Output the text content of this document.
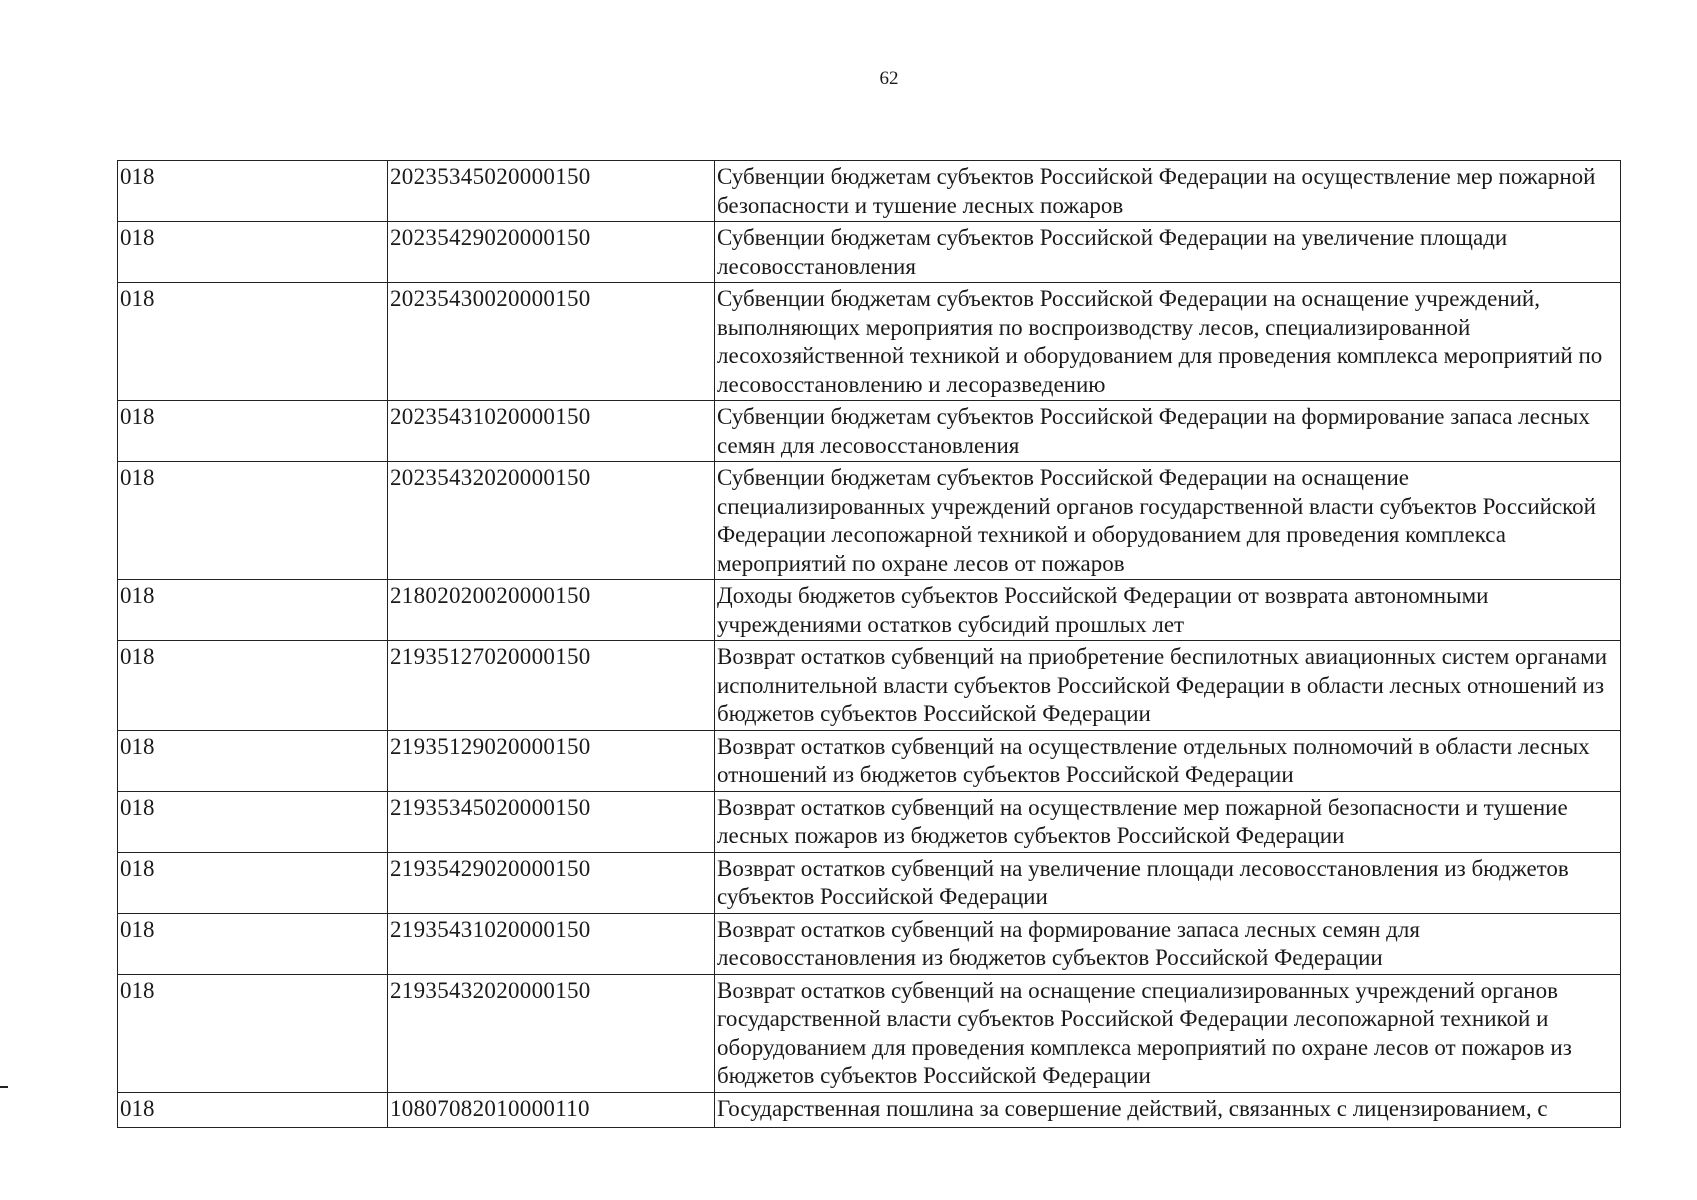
62
018	20235345020000150	Субвенции бюджетам субъектов Российской Федерации на осуществление мер пожарной безопасности и тушение лесных пожаров
018	20235429020000150	Субвенции бюджетам субъектов Российской Федерации на увеличение площади лесовосстановления
018	20235430020000150	Субвенции бюджетам субъектов Российской Федерации на оснащение учреждений, выполняющих мероприятия по воспроизводству лесов, специализированной лесохозяйственной техникой и оборудованием для проведения комплекса мероприятий по лесовосстановлению и лесоразведению
018	20235431020000150	Субвенции бюджетам субъектов Российской Федерации на формирование запаса лесных семян для лесовосстановления
018	20235432020000150	Субвенции бюджетам субъектов Российской Федерации на оснащение специализированных учреждений органов государственной власти субъектов Российской Федерации лесопожарной техникой и оборудованием для проведения комплекса мероприятий по охране лесов от пожаров
018	21802020020000150	Доходы бюджетов субъектов Российской Федерации от возврата автономными учреждениями остатков субсидий прошлых лет
018	21935127020000150	Возврат остатков субвенций на приобретение беспилотных авиационных систем органами исполнительной власти субъектов Российской Федерации в области лесных отношений из бюджетов субъектов Российской Федерации
018	21935129020000150	Возврат остатков субвенций на осуществление отдельных полномочий в области лесных отношений из бюджетов субъектов Российской Федерации
018	21935345020000150	Возврат остатков субвенций на осуществление мер пожарной безопасности и тушение лесных пожаров из бюджетов субъектов Российской Федерации
018	21935429020000150	Возврат остатков субвенций на увеличение площади лесовосстановления из бюджетов субъектов Российской Федерации
018	21935431020000150	Возврат остатков субвенций на формирование запаса лесных семян для лесовосстановления из бюджетов субъектов Российской Федерации
018	21935432020000150	Возврат остатков субвенций на оснащение специализированных учреждений органов государственной власти субъектов Российской Федерации лесопожарной техникой и оборудованием для проведения комплекса мероприятий по охране лесов от пожаров из бюджетов субъектов Российской Федерации
018	10807082010000110	Государственная пошлина за совершение действий, связанных с лицензированием, с
